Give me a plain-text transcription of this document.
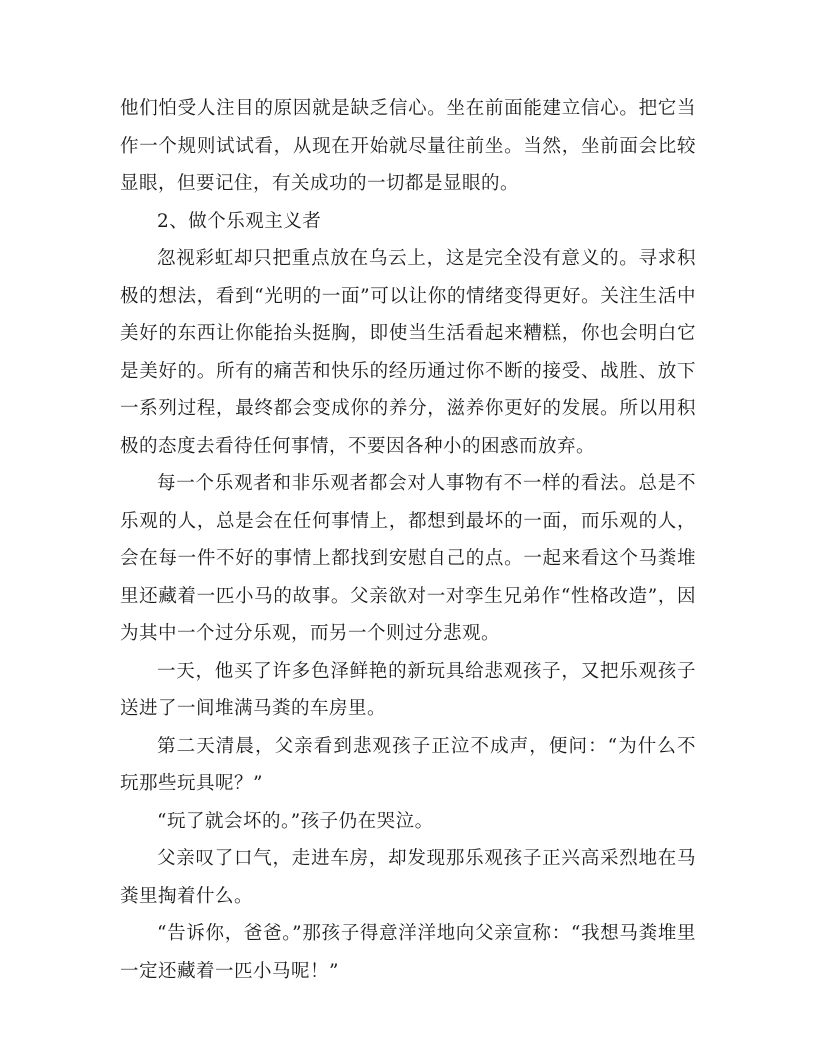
他们怕受人注目的原因就是缺乏信心。坐在前面能建立信心。把它当作一个规则试试看，从现在开始就尽量往前坐。当然，坐前面会比较显眼，但要记住，有关成功的一切都是显眼的。

2、做个乐观主义者

忽视彩虹却只把重点放在乌云上，这是完全没有意义的。寻求积极的想法，看到“光明的一面”可以让你的情绪变得更好。关注生活中美好的东西让你能抬头挺胸，即使当生活看起来糟糕，你也会明白它是美好的。所有的痛苦和快乐的经历通过你不断的接受、战胜、放下一系列过程，最终都会变成你的养分，滋养你更好的发展。所以用积极的态度去看待任何事情，不要因各种小的困惑而放弃。

每一个乐观者和非乐观者都会对人事物有不一样的看法。总是不乐观的人，总是会在任何事情上，都想到最坏的一面，而乐观的人，会在每一件不好的事情上都找到安慰自己的点。一起来看这个马粪堆里还藏着一匹小马的故事。父亲欲对一对孪生兄弟作“性格改造”，因为其中一个过分乐观，而另一个则过分悲观。

一天，他买了许多色泽鲜艳的新玩具给悲观孩子，又把乐观孩子送进了一间堆满马粪的车房里。

第二天清晨，父亲看到悲观孩子正泣不成声，便问：“为什么不玩那些玩具呢？”

“玩了就会坏的。”孩子仍在哭泣。

父亲叹了口气，走进车房，却发现那乐观孩子正兴高采烈地在马粪里掏着什么。

“告诉你，爸爸。”那孩子得意洋洋地向父亲宣称：“我想马粪堆里一定还藏着一匹小马呢！”
